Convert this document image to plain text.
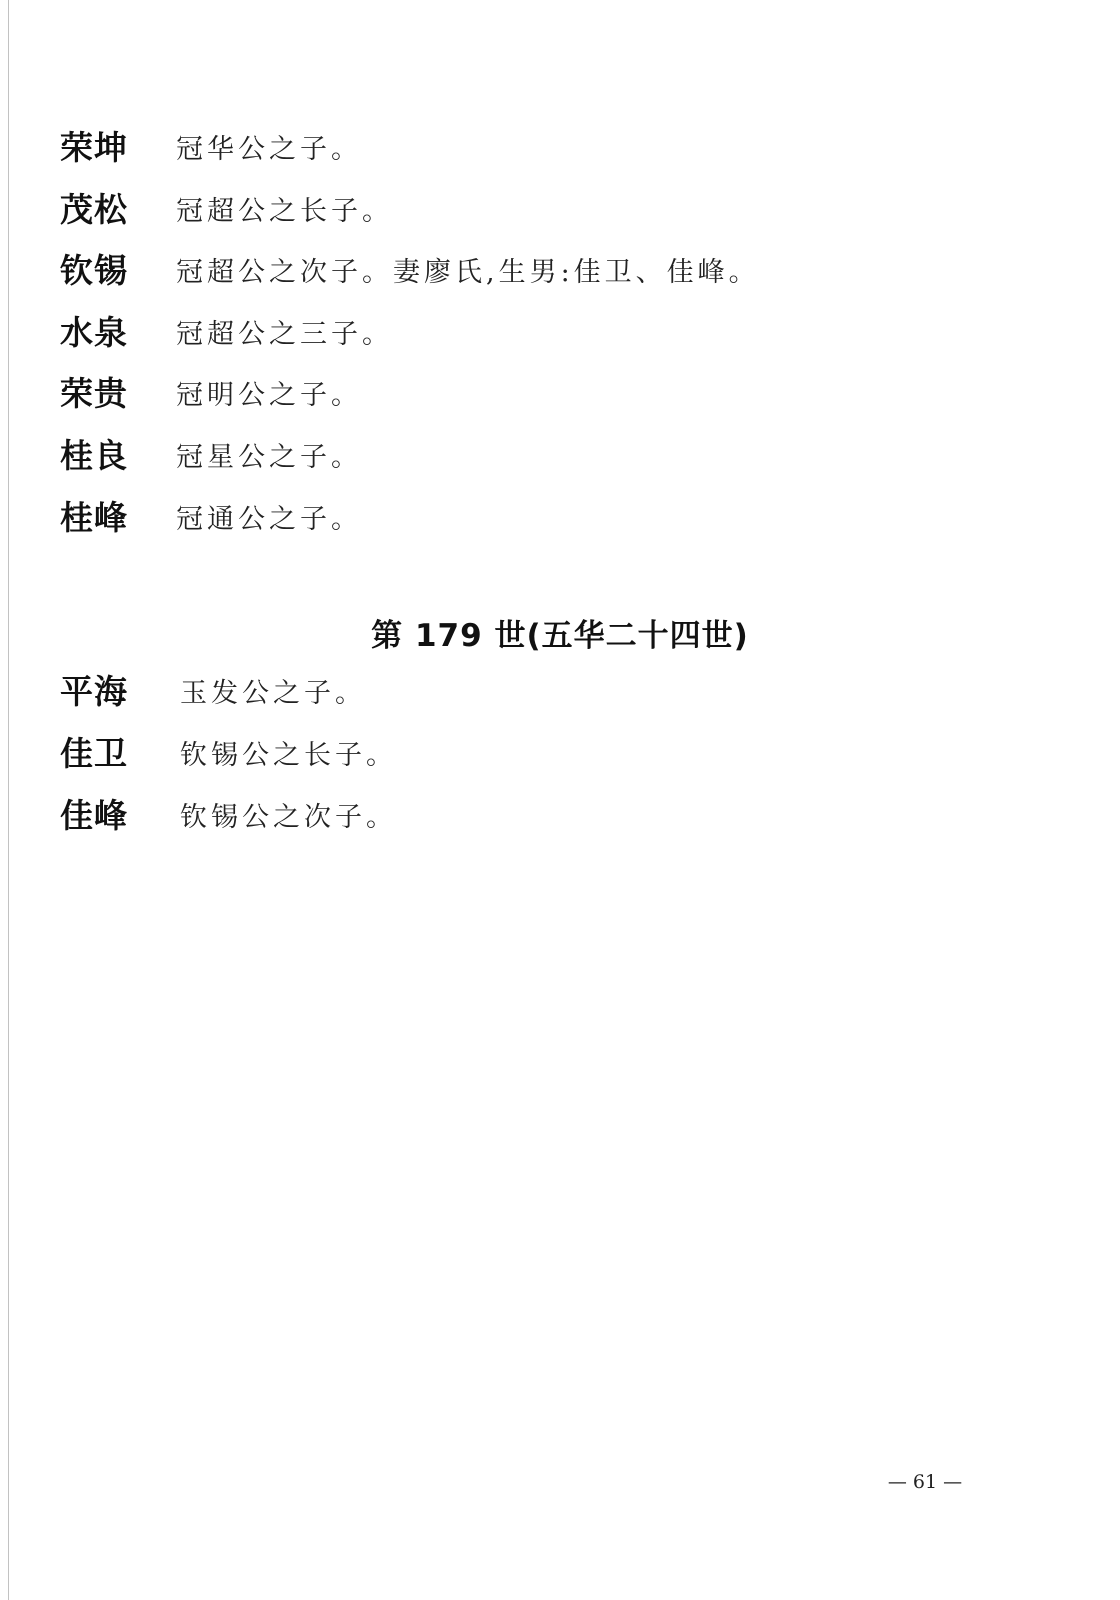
荣坤 冠华公之子。
茂松 冠超公之长子。
钦锡 冠超公之次子。妻廖氏,生男:佳卫、佳峰。
水泉 冠超公之三子。
荣贵 冠明公之子。
桂良 冠星公之子。
桂峰 冠通公之子。
第 179 世(五华二十四世)
平海 玉发公之子。
佳卫 钦锡公之长子。
佳峰 钦锡公之次子。
— 61 —
